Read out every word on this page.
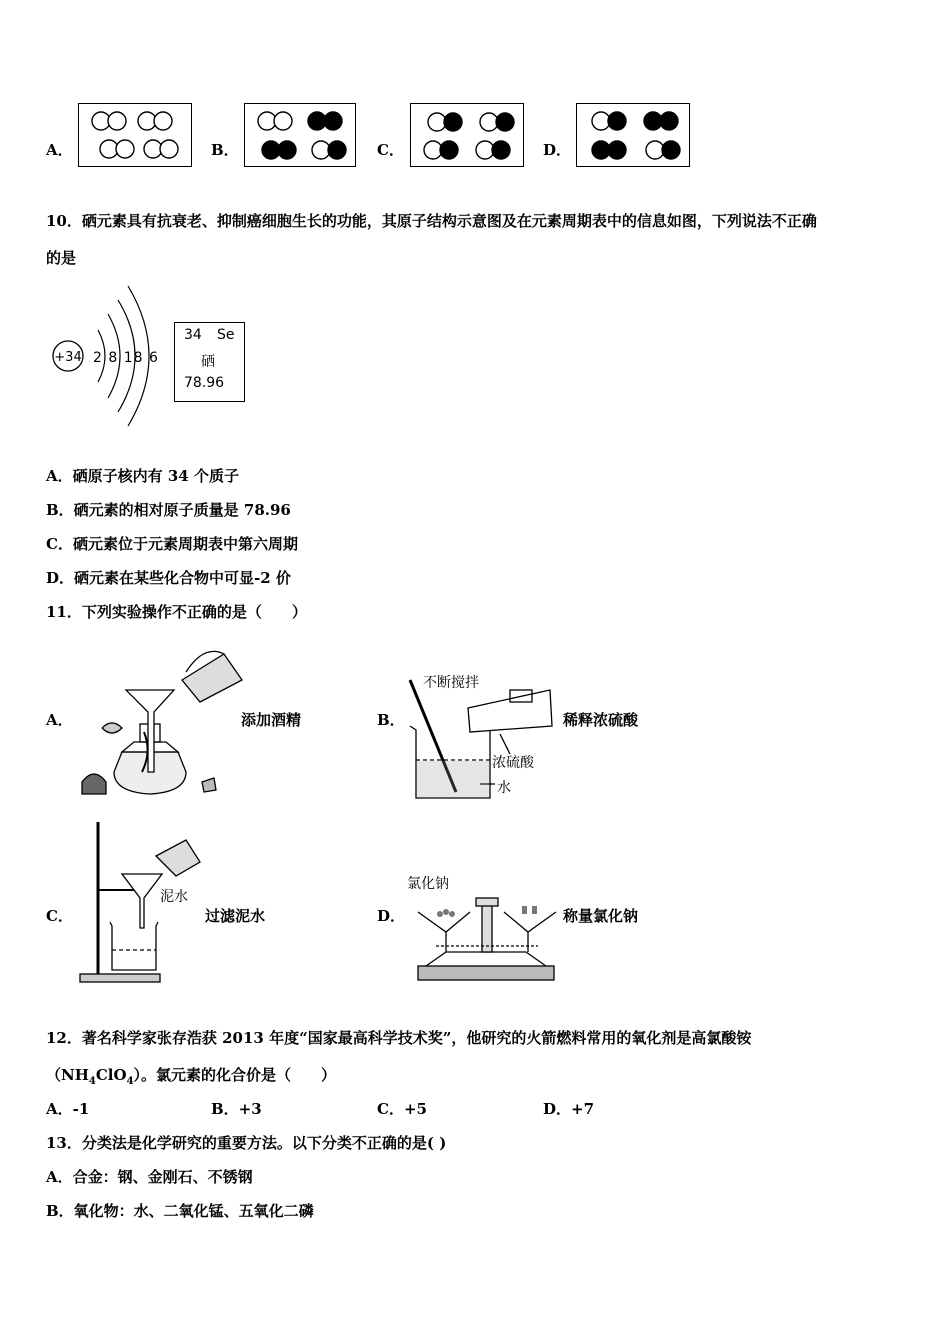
A．	B．	C．	D．
10．硒元素具有抗衰老、抑制癌细胞生长的功能，其原子结构示意图及在元素周期表中的信息如图，下列说法不正确
的是
+34 2 8 18 6
34 Se
硒
78.96
A．硒原子核内有 34 个质子
B．硒元素的相对原子质量是 78.96
C．硒元素位于元素周期表中第六周期
D．硒元素在某些化合物中可显-2 价
11．下列实验操作不正确的是（　　）
A．	添加酒精	B．
不断搅拌
浓硫酸
水
稀释浓硫酸
C．
泥水
过滤泥水	D．
氯化钠
称量氯化钠
12．著名科学家张存浩获 2013 年度“国家最高科学技术奖”，他研究的火箭燃料常用的氧化剂是高氯酸铵
$(NH_4ClO_4)$。氯元素的化合价是（　　）
A．-1	B．+3	C．+5	D．+7
13．分类法是化学研究的重要方法。以下分类不正确的是( )
A．合金：钢、金刚石、不锈钢
B．氧化物：水、二氧化锰、五氧化二磷
